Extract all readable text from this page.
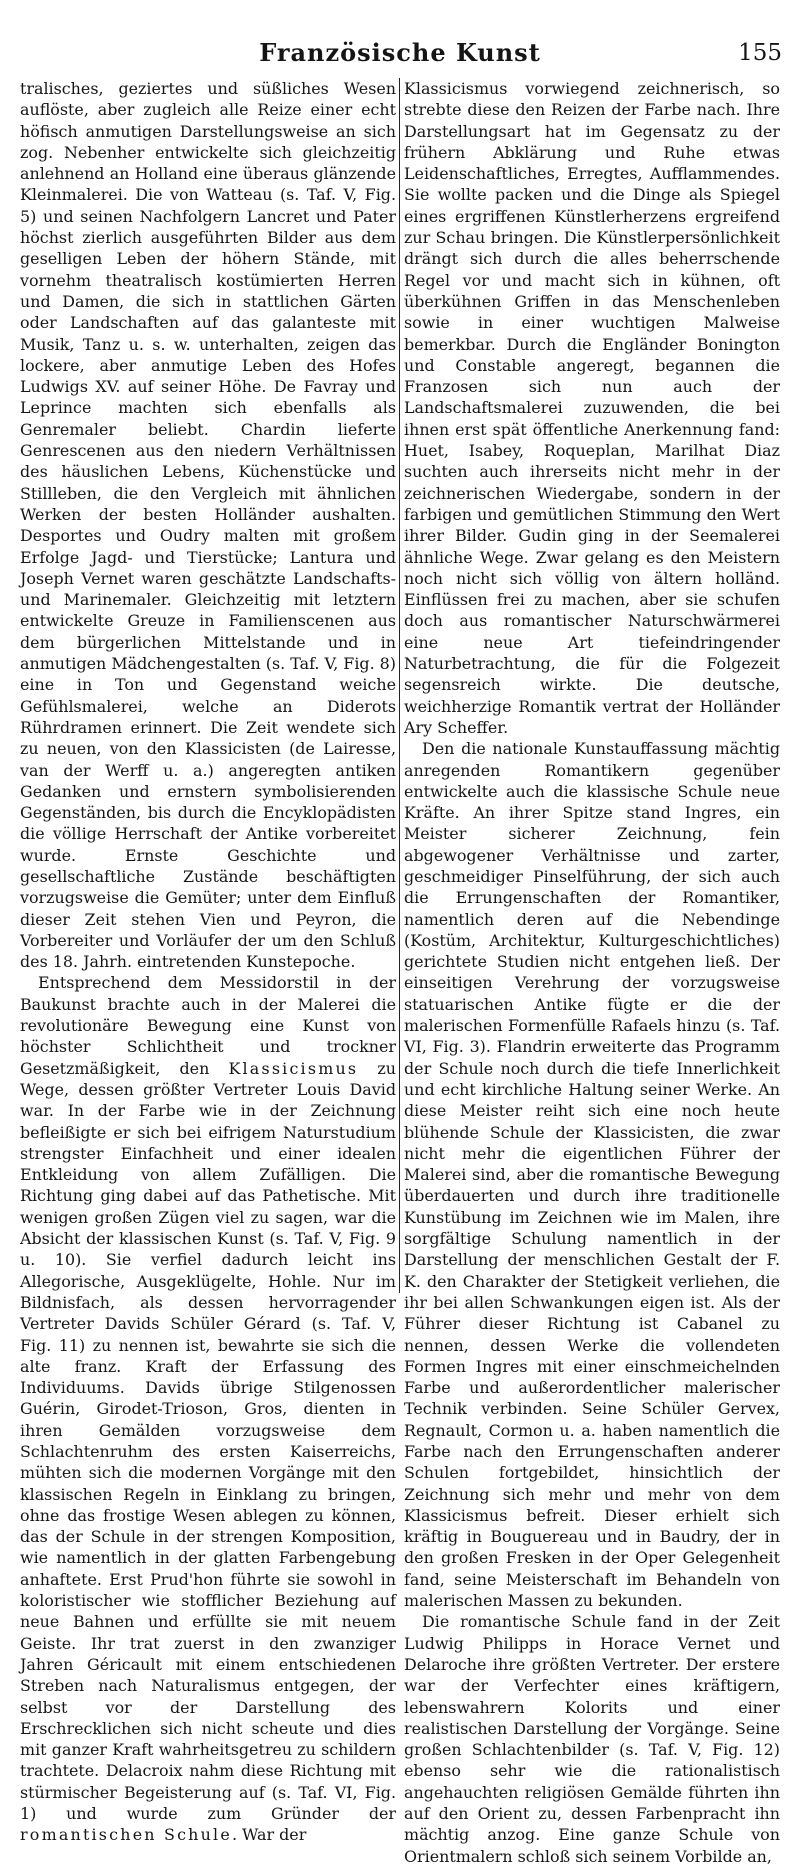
Französische Kunst	155

tralisches, geziertes und süßliches Wesen auflöste, aber zugleich alle Reize einer echt höfisch anmutigen Darstellungsweise an sich zog. Nebenher entwickelte sich gleichzeitig anlehnend an Holland eine überaus glänzende Kleinmalerei. Die von Watteau (s. Taf. V, Fig. 5) und seinen Nachfolgern Lancret und Pater höchst zierlich ausgeführten Bilder aus dem geselligen Leben der höhern Stände, mit vornehm theatralisch kostümierten Herren und Damen, die sich in stattlichen Gärten oder Landschaften auf das galanteste mit Musik, Tanz u. s. w. unterhalten, zeigen das lockere, aber anmutige Leben des Hofes Ludwigs XV. auf seiner Höhe. De Favray und Leprince machten sich ebenfalls als Genremaler beliebt. Chardin lieferte Genrescenen aus den niedern Verhältnissen des häuslichen Lebens, Küchenstücke und Stillleben, die den Vergleich mit ähnlichen Werken der besten Holländer aushalten. Desportes und Oudry malten mit großem Erfolge Jagd- und Tierstücke; Lantura und Joseph Vernet waren geschätzte Landschafts- und Marinemaler. Gleichzeitig mit letztern entwickelte Greuze in Familienscenen aus dem bürgerlichen Mittelstande und in anmutigen Mädchengestalten (s. Taf. V, Fig. 8) eine in Ton und Gegenstand weiche Gefühlsmalerei, welche an Diderots Rührdramen erinnert. Die Zeit wendete sich zu neuen, von den Klassicisten (de Lairesse, van der Werff u. a.) angeregten antiken Gedanken und ernstern symbolisierenden Gegenständen, bis durch die Encyklopädisten die völlige Herrschaft der Antike vorbereitet wurde. Ernste Geschichte und gesellschaftliche Zustände beschäftigten vorzugsweise die Gemüter; unter dem Einfluß dieser Zeit stehen Vien und Peyron, die Vorbereiter und Vorläufer der um den Schluß des 18. Jahrh. eintretenden Kunstepoche.

Entsprechend dem Messidorstil in der Baukunst brachte auch in der Malerei die revolutionäre Bewegung eine Kunst von höchster Schlichtheit und trockner Gesetzmäßigkeit, den Klassicismus zu Wege, dessen größter Vertreter Louis David war. In der Farbe wie in der Zeichnung befleißigte er sich bei eifrigem Naturstudium strengster Einfachheit und einer idealen Entkleidung von allem Zufälligen. Die Richtung ging dabei auf das Pathetische. Mit wenigen großen Zügen viel zu sagen, war die Absicht der klassischen Kunst (s. Taf. V, Fig. 9 u. 10). Sie verfiel dadurch leicht ins Allegorische, Ausgeklügelte, Hohle. Nur im Bildnisfach, als dessen hervorragender Vertreter Davids Schüler Gérard (s. Taf. V, Fig. 11) zu nennen ist, bewahrte sie sich die alte franz. Kraft der Erfassung des Individuums. Davids übrige Stilgenossen Guérin, Girodet-Trioson, Gros, dienten in ihren Gemälden vorzugsweise dem Schlachtenruhm des ersten Kaiserreichs, mühten sich die modernen Vorgänge mit den klassischen Regeln in Einklang zu bringen, ohne das frostige Wesen ablegen zu können, das der Schule in der strengen Komposition, wie namentlich in der glatten Farbengebung anhaftete. Erst Prud'hon führte sie sowohl in koloristischer wie stofflicher Beziehung auf neue Bahnen und erfüllte sie mit neuem Geiste. Ihr trat zuerst in den zwanziger Jahren Géricault mit einem entschiedenen Streben nach Naturalismus entgegen, der selbst vor der Darstellung des Erschrecklichen sich nicht scheute und dies mit ganzer Kraft wahrheitsgetreu zu schildern trachtete. Delacroix nahm diese Richtung mit stürmischer Begeisterung auf (s. Taf. VI, Fig. 1) und wurde zum Gründer der romantischen Schule. War der

Klassicismus vorwiegend zeichnerisch, so strebte diese den Reizen der Farbe nach. Ihre Darstellungsart hat im Gegensatz zu der frühern Abklärung und Ruhe etwas Leidenschaftliches, Erregtes, Aufflammendes. Sie wollte packen und die Dinge als Spiegel eines ergriffenen Künstlerherzens ergreifend zur Schau bringen. Die Künstlerpersönlichkeit drängt sich durch die alles beherrschende Regel vor und macht sich in kühnen, oft überkühnen Griffen in das Menschenleben sowie in einer wuchtigen Malweise bemerkbar. Durch die Engländer Bonington und Constable angeregt, begannen die Franzosen sich nun auch der Landschaftsmalerei zuzuwenden, die bei ihnen erst spät öffentliche Anerkennung fand: Huet, Isabey, Roqueplan, Marilhat Diaz suchten auch ihrerseits nicht mehr in der zeichnerischen Wiedergabe, sondern in der farbigen und gemütlichen Stimmung den Wert ihrer Bilder. Gudin ging in der Seemalerei ähnliche Wege. Zwar gelang es den Meistern noch nicht sich völlig von ältern holländ. Einflüssen frei zu machen, aber sie schufen doch aus romantischer Naturschwärmerei eine neue Art tiefeindringender Naturbetrachtung, die für die Folgezeit segensreich wirkte. Die deutsche, weichherzige Romantik vertrat der Holländer Ary Scheffer.

Den die nationale Kunstauffassung mächtig anregenden Romantikern gegenüber entwickelte auch die klassische Schule neue Kräfte. An ihrer Spitze stand Ingres, ein Meister sicherer Zeichnung, fein abgewogener Verhältnisse und zarter, geschmeidiger Pinselführung, der sich auch die Errungenschaften der Romantiker, namentlich deren auf die Nebendinge (Kostüm, Architektur, Kulturgeschichtliches) gerichtete Studien nicht entgehen ließ. Der einseitigen Verehrung der vorzugsweise statuarischen Antike fügte er die der malerischen Formenfülle Rafaels hinzu (s. Taf. VI, Fig. 3). Flandrin erweiterte das Programm der Schule noch durch die tiefe Innerlichkeit und echt kirchliche Haltung seiner Werke. An diese Meister reiht sich eine noch heute blühende Schule der Klassicisten, die zwar nicht mehr die eigentlichen Führer der Malerei sind, aber die romantische Bewegung überdauerten und durch ihre traditionelle Kunstübung im Zeichnen wie im Malen, ihre sorgfältige Schulung namentlich in der Darstellung der menschlichen Gestalt der F. K. den Charakter der Stetigkeit verliehen, die ihr bei allen Schwankungen eigen ist. Als der Führer dieser Richtung ist Cabanel zu nennen, dessen Werke die vollendeten Formen Ingres mit einer einschmeichelnden Farbe und außerordentlicher malerischer Technik verbinden. Seine Schüler Gervex, Regnault, Cormon u. a. haben namentlich die Farbe nach den Errungenschaften anderer Schulen fortgebildet, hinsichtlich der Zeichnung sich mehr und mehr von dem Klassicismus befreit. Dieser erhielt sich kräftig in Bouguereau und in Baudry, der in den großen Fresken in der Oper Gelegenheit fand, seine Meisterschaft im Behandeln von malerischen Massen zu bekunden.

Die romantische Schule fand in der Zeit Ludwig Philipps in Horace Vernet und Delaroche ihre größten Vertreter. Der erstere war der Verfechter eines kräftigern, lebenswahrern Kolorits und einer realistischen Darstellung der Vorgänge. Seine großen Schlachtenbilder (s. Taf. V, Fig. 12) ebenso sehr wie die rationalistisch angehauchten religiösen Gemälde führten ihn auf den Orient zu, dessen Farbenpracht ihn mächtig anzog. Eine ganze Schule von Orientmalern schloß sich seinem Vorbilde an,
